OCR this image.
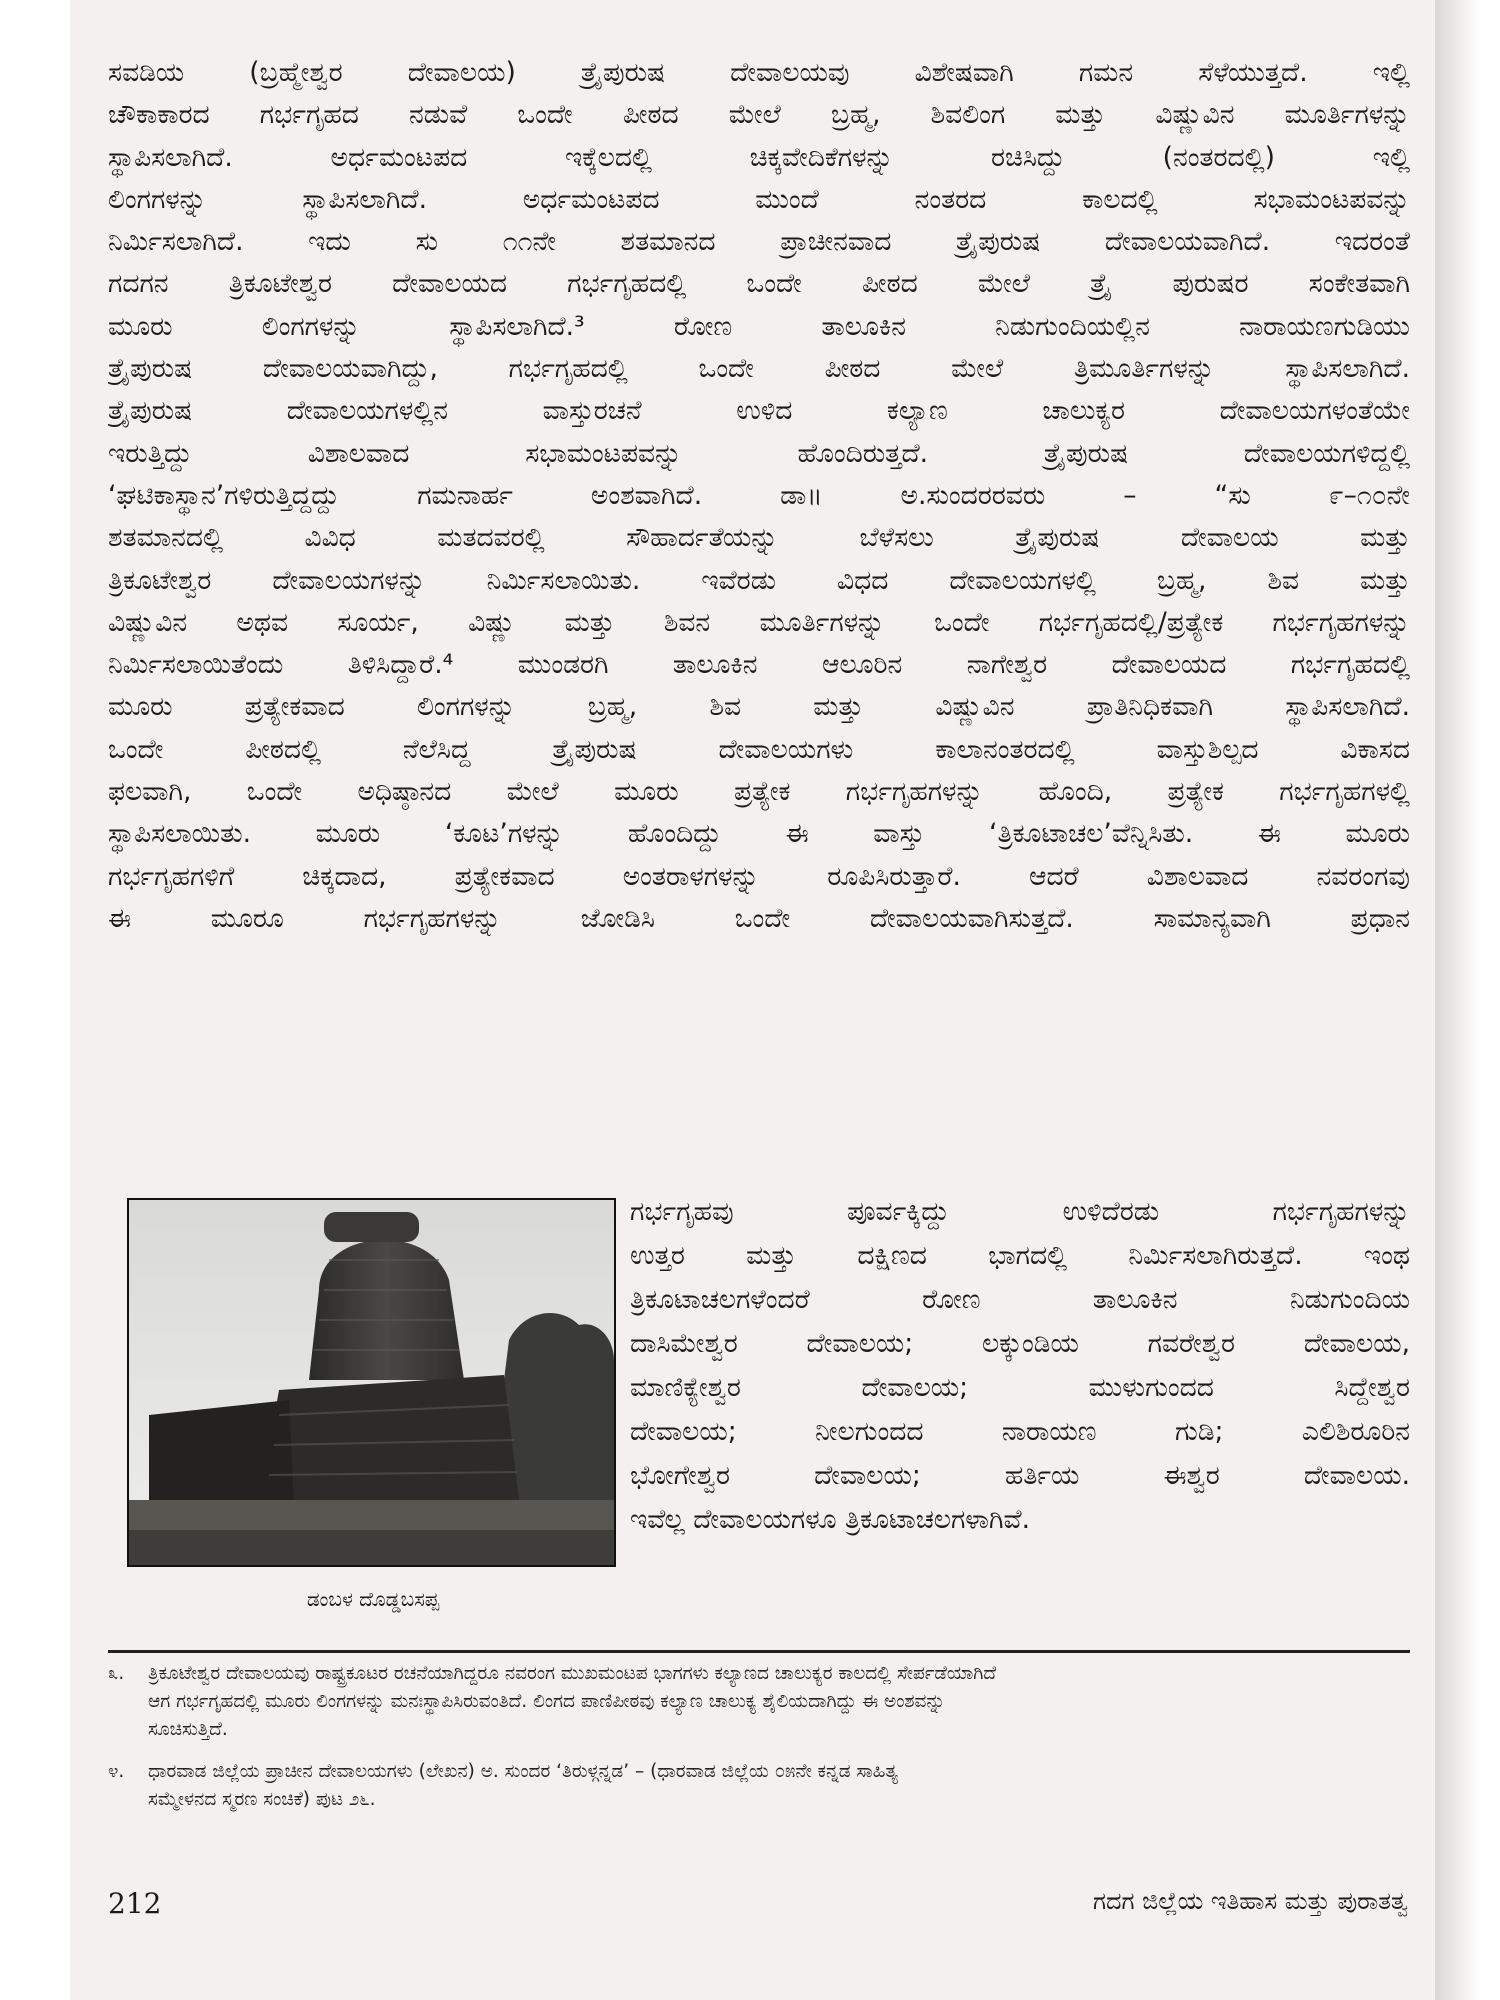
ಸವಡಿಯ (ಬ್ರಹ್ಮೇಶ್ವರ ದೇವಾಲಯ) ತ್ರೈಪುರುಷ ದೇವಾಲಯವು ವಿಶೇಷವಾಗಿ ಗಮನ ಸೆಳೆಯುತ್ತದೆ. ಇಲ್ಲಿ
ಚೌಕಾಕಾರದ ಗರ್ಭಗೃಹದ ನಡುವೆ ಒಂದೇ ಪೀಠದ ಮೇಲೆ ಬ್ರಹ್ಮ, ಶಿವಲಿಂಗ ಮತ್ತು ವಿಷ್ಣುವಿನ ಮೂರ್ತಿಗಳನ್ನು
ಸ್ಥಾಪಿಸಲಾಗಿದೆ. ಅರ್ಧಮಂಟಪದ ಇಕ್ಕೆಲದಲ್ಲಿ ಚಿಕ್ಕವೇದಿಕೆಗಳನ್ನು ರಚಿಸಿದ್ದು (ನಂತರದಲ್ಲಿ) ಇಲ್ಲಿ
ಲಿಂಗಗಳನ್ನು ಸ್ಥಾಪಿಸಲಾಗಿದೆ. ಅರ್ಧಮಂಟಪದ ಮುಂದೆ ನಂತರದ ಕಾಲದಲ್ಲಿ ಸಭಾಮಂಟಪವನ್ನು
ನಿರ್ಮಿಸಲಾಗಿದೆ. ಇದು ಸು ೧೧ನೇ ಶತಮಾನದ ಪ್ರಾಚೀನವಾದ ತ್ರೈಪುರುಷ ದೇವಾಲಯವಾಗಿದೆ. ಇದರಂತೆ
ಗದಗನ ತ್ರಿಕೂಟೇಶ್ವರ ದೇವಾಲಯದ ಗರ್ಭಗೃಹದಲ್ಲಿ ಒಂದೇ ಪೀಠದ ಮೇಲೆ ತ್ರೈ ಪುರುಷರ ಸಂಕೇತವಾಗಿ
ಮೂರು ಲಿಂಗಗಳನ್ನು ಸ್ಥಾಪಿಸಲಾಗಿದೆ.³ ರೋಣ ತಾಲೂಕಿನ ನಿಡುಗುಂದಿಯಲ್ಲಿನ ನಾರಾಯಣಗುಡಿಯು
ತ್ರೈಪುರುಷ ದೇವಾಲಯವಾಗಿದ್ದು, ಗರ್ಭಗೃಹದಲ್ಲಿ ಒಂದೇ ಪೀಠದ ಮೇಲೆ ತ್ರಿಮೂರ್ತಿಗಳನ್ನು ಸ್ಥಾಪಿಸಲಾಗಿದೆ.
ತ್ರೈಪುರುಷ ದೇವಾಲಯಗಳಲ್ಲಿನ ವಾಸ್ತುರಚನೆ ಉಳಿದ ಕಲ್ಯಾಣ ಚಾಲುಕ್ಯರ ದೇವಾಲಯಗಳಂತೆಯೇ
ಇರುತ್ತಿದ್ದು ವಿಶಾಲವಾದ ಸಭಾಮಂಟಪವನ್ನು ಹೊಂದಿರುತ್ತದೆ. ತ್ರೈಪುರುಷ ದೇವಾಲಯಗಳಿದ್ದಲ್ಲಿ
‘ಘಟಿಕಾಸ್ಥಾನ’ಗಳಿರುತ್ತಿದ್ದದ್ದು ಗಮನಾರ್ಹ ಅಂಶವಾಗಿದೆ. ಡಾ॥ ಅ.ಸುಂದರರವರು – “ಸು ೯–೧೦ನೇ
ಶತಮಾನದಲ್ಲಿ ವಿವಿಧ ಮತದವರಲ್ಲಿ ಸೌಹಾರ್ದತೆಯನ್ನು ಬೆಳೆಸಲು ತ್ರೈಪುರುಷ ದೇವಾಲಯ ಮತ್ತು
ತ್ರಿಕೂಟೇಶ್ವರ ದೇವಾಲಯಗಳನ್ನು ನಿರ್ಮಿಸಲಾಯಿತು. ಇವೆರಡು ವಿಧದ ದೇವಾಲಯಗಳಲ್ಲಿ ಬ್ರಹ್ಮ, ಶಿವ ಮತ್ತು
ವಿಷ್ಣುವಿನ ಅಥವ ಸೂರ್ಯ, ವಿಷ್ಣು ಮತ್ತು ಶಿವನ ಮೂರ್ತಿಗಳನ್ನು ಒಂದೇ ಗರ್ಭಗೃಹದಲ್ಲಿ/ಪ್ರತ್ಯೇಕ ಗರ್ಭಗೃಹಗಳನ್ನು
ನಿರ್ಮಿಸಲಾಯಿತೆಂದು ತಿಳಿಸಿದ್ದಾರೆ.⁴ ಮುಂಡರಗಿ ತಾಲೂಕಿನ ಆಲೂರಿನ ನಾಗೇಶ್ವರ ದೇವಾಲಯದ ಗರ್ಭಗೃಹದಲ್ಲಿ
ಮೂರು ಪ್ರತ್ಯೇಕವಾದ ಲಿಂಗಗಳನ್ನು ಬ್ರಹ್ಮ, ಶಿವ ಮತ್ತು ವಿಷ್ಣುವಿನ ಪ್ರಾತಿನಿಧಿಕವಾಗಿ ಸ್ಥಾಪಿಸಲಾಗಿದೆ.
ಒಂದೇ ಪೀಠದಲ್ಲಿ ನೆಲೆಸಿದ್ದ ತ್ರೈಪುರುಷ ದೇವಾಲಯಗಳು ಕಾಲಾನಂತರದಲ್ಲಿ ವಾಸ್ತುಶಿಲ್ಪದ ವಿಕಾಸದ
ಫಲವಾಗಿ, ಒಂದೇ ಅಧಿಷ್ಠಾನದ ಮೇಲೆ ಮೂರು ಪ್ರತ್ಯೇಕ ಗರ್ಭಗೃಹಗಳನ್ನು ಹೊಂದಿ, ಪ್ರತ್ಯೇಕ ಗರ್ಭಗೃಹಗಳಲ್ಲಿ
ಸ್ಥಾಪಿಸಲಾಯಿತು. ಮೂರು ‘ಕೂಟ’ಗಳನ್ನು ಹೊಂದಿದ್ದು ಈ ವಾಸ್ತು ‘ತ್ರಿಕೂಟಾಚಲ’ವೆನ್ನಿಸಿತು. ಈ ಮೂರು
ಗರ್ಭಗೃಹಗಳಿಗೆ ಚಿಕ್ಕದಾದ, ಪ್ರತ್ಯೇಕವಾದ ಅಂತರಾಳಗಳನ್ನು ರೂಪಿಸಿರುತ್ತಾರೆ. ಆದರೆ ವಿಶಾಲವಾದ ನವರಂಗವು
ಈ ಮೂರೂ ಗರ್ಭಗೃಹಗಳನ್ನು ಜೋಡಿಸಿ ಒಂದೇ ದೇವಾಲಯವಾಗಿಸುತ್ತದೆ. ಸಾಮಾನ್ಯವಾಗಿ ಪ್ರಧಾನ
ಡಂಬಳ ದೊಡ್ಡಬಸಪ್ಪ
ಗರ್ಭಗೃಹವು ಪೂರ್ವಕ್ಕಿದ್ದು ಉಳಿದೆರಡು ಗರ್ಭಗೃಹಗಳನ್ನು
ಉತ್ತರ ಮತ್ತು ದಕ್ಷಿಣದ ಭಾಗದಲ್ಲಿ ನಿರ್ಮಿಸಲಾಗಿರುತ್ತದೆ. ಇಂಥ
ತ್ರಿಕೂಟಾಚಲಗಳೆಂದರೆ ರೋಣ ತಾಲೂಕಿನ ನಿಡುಗುಂದಿಯ
ದಾಸಿಮೇಶ್ವರ ದೇವಾಲಯ; ಲಕ್ಕುಂಡಿಯ ಗವರೇಶ್ವರ ದೇವಾಲಯ,
ಮಾಣಿಕ್ಯೇಶ್ವರ ದೇವಾಲಯ; ಮುಳುಗುಂದದ ಸಿದ್ದೇಶ್ವರ
ದೇವಾಲಯ; ನೀಲಗುಂದದ ನಾರಾಯಣ ಗುಡಿ; ಎಲಿಶಿರೂರಿನ
ಭೋಗೇಶ್ವರ ದೇವಾಲಯ; ಹರ್ತಿಯ ಈಶ್ವರ ದೇವಾಲಯ.
ಇವೆಲ್ಲ ದೇವಾಲಯಗಳೂ ತ್ರಿಕೂಟಾಚಲಗಳಾಗಿವೆ.
೩.	ತ್ರಿಕೂಟೇಶ್ವರ ದೇವಾಲಯವು ರಾಷ್ಟ್ರಕೂಟರ ರಚನೆಯಾಗಿದ್ದರೂ ನವರಂಗ ಮುಖಮಂಟಪ ಭಾಗಗಳು ಕಲ್ಯಾಣದ ಚಾಲುಕ್ಯರ ಕಾಲದಲ್ಲಿ ಸೇರ್ಪಡೆಯಾಗಿದೆ
ಆಗ ಗರ್ಭಗೃಹದಲ್ಲಿ ಮೂರು ಲಿಂಗಗಳನ್ನು ಮನಃಸ್ಥಾಪಿಸಿರುವಂತಿದೆ. ಲಿಂಗದ ಪಾಣಿಪೀಠವು ಕಲ್ಯಾಣ ಚಾಲುಕ್ಯ ಶೈಲಿಯದಾಗಿದ್ದು ಈ ಅಂಶವನ್ನು
ಸೂಚಿಸುತ್ತಿದೆ.
೪.	ಧಾರವಾಡ ಜಿಲ್ಲೆಯ ಪ್ರಾಚೀನ ದೇವಾಲಯಗಳು (ಲೇಖನ) ಅ. ಸುಂದರ ‘ತಿರುಳ್ಗನ್ನಡ’ – (ಧಾರವಾಡ ಜಿಲ್ಲೆಯ ೦೫ನೇ ಕನ್ನಡ ಸಾಹಿತ್ಯ
ಸಮ್ಮೇಳನದ ಸ್ಮರಣ ಸಂಚಿಕೆ) ಪುಟ ೨೬.
212	ಗದಗ ಜಿಲ್ಲೆಯ ಇತಿಹಾಸ ಮತ್ತು ಪುರಾತತ್ವ
